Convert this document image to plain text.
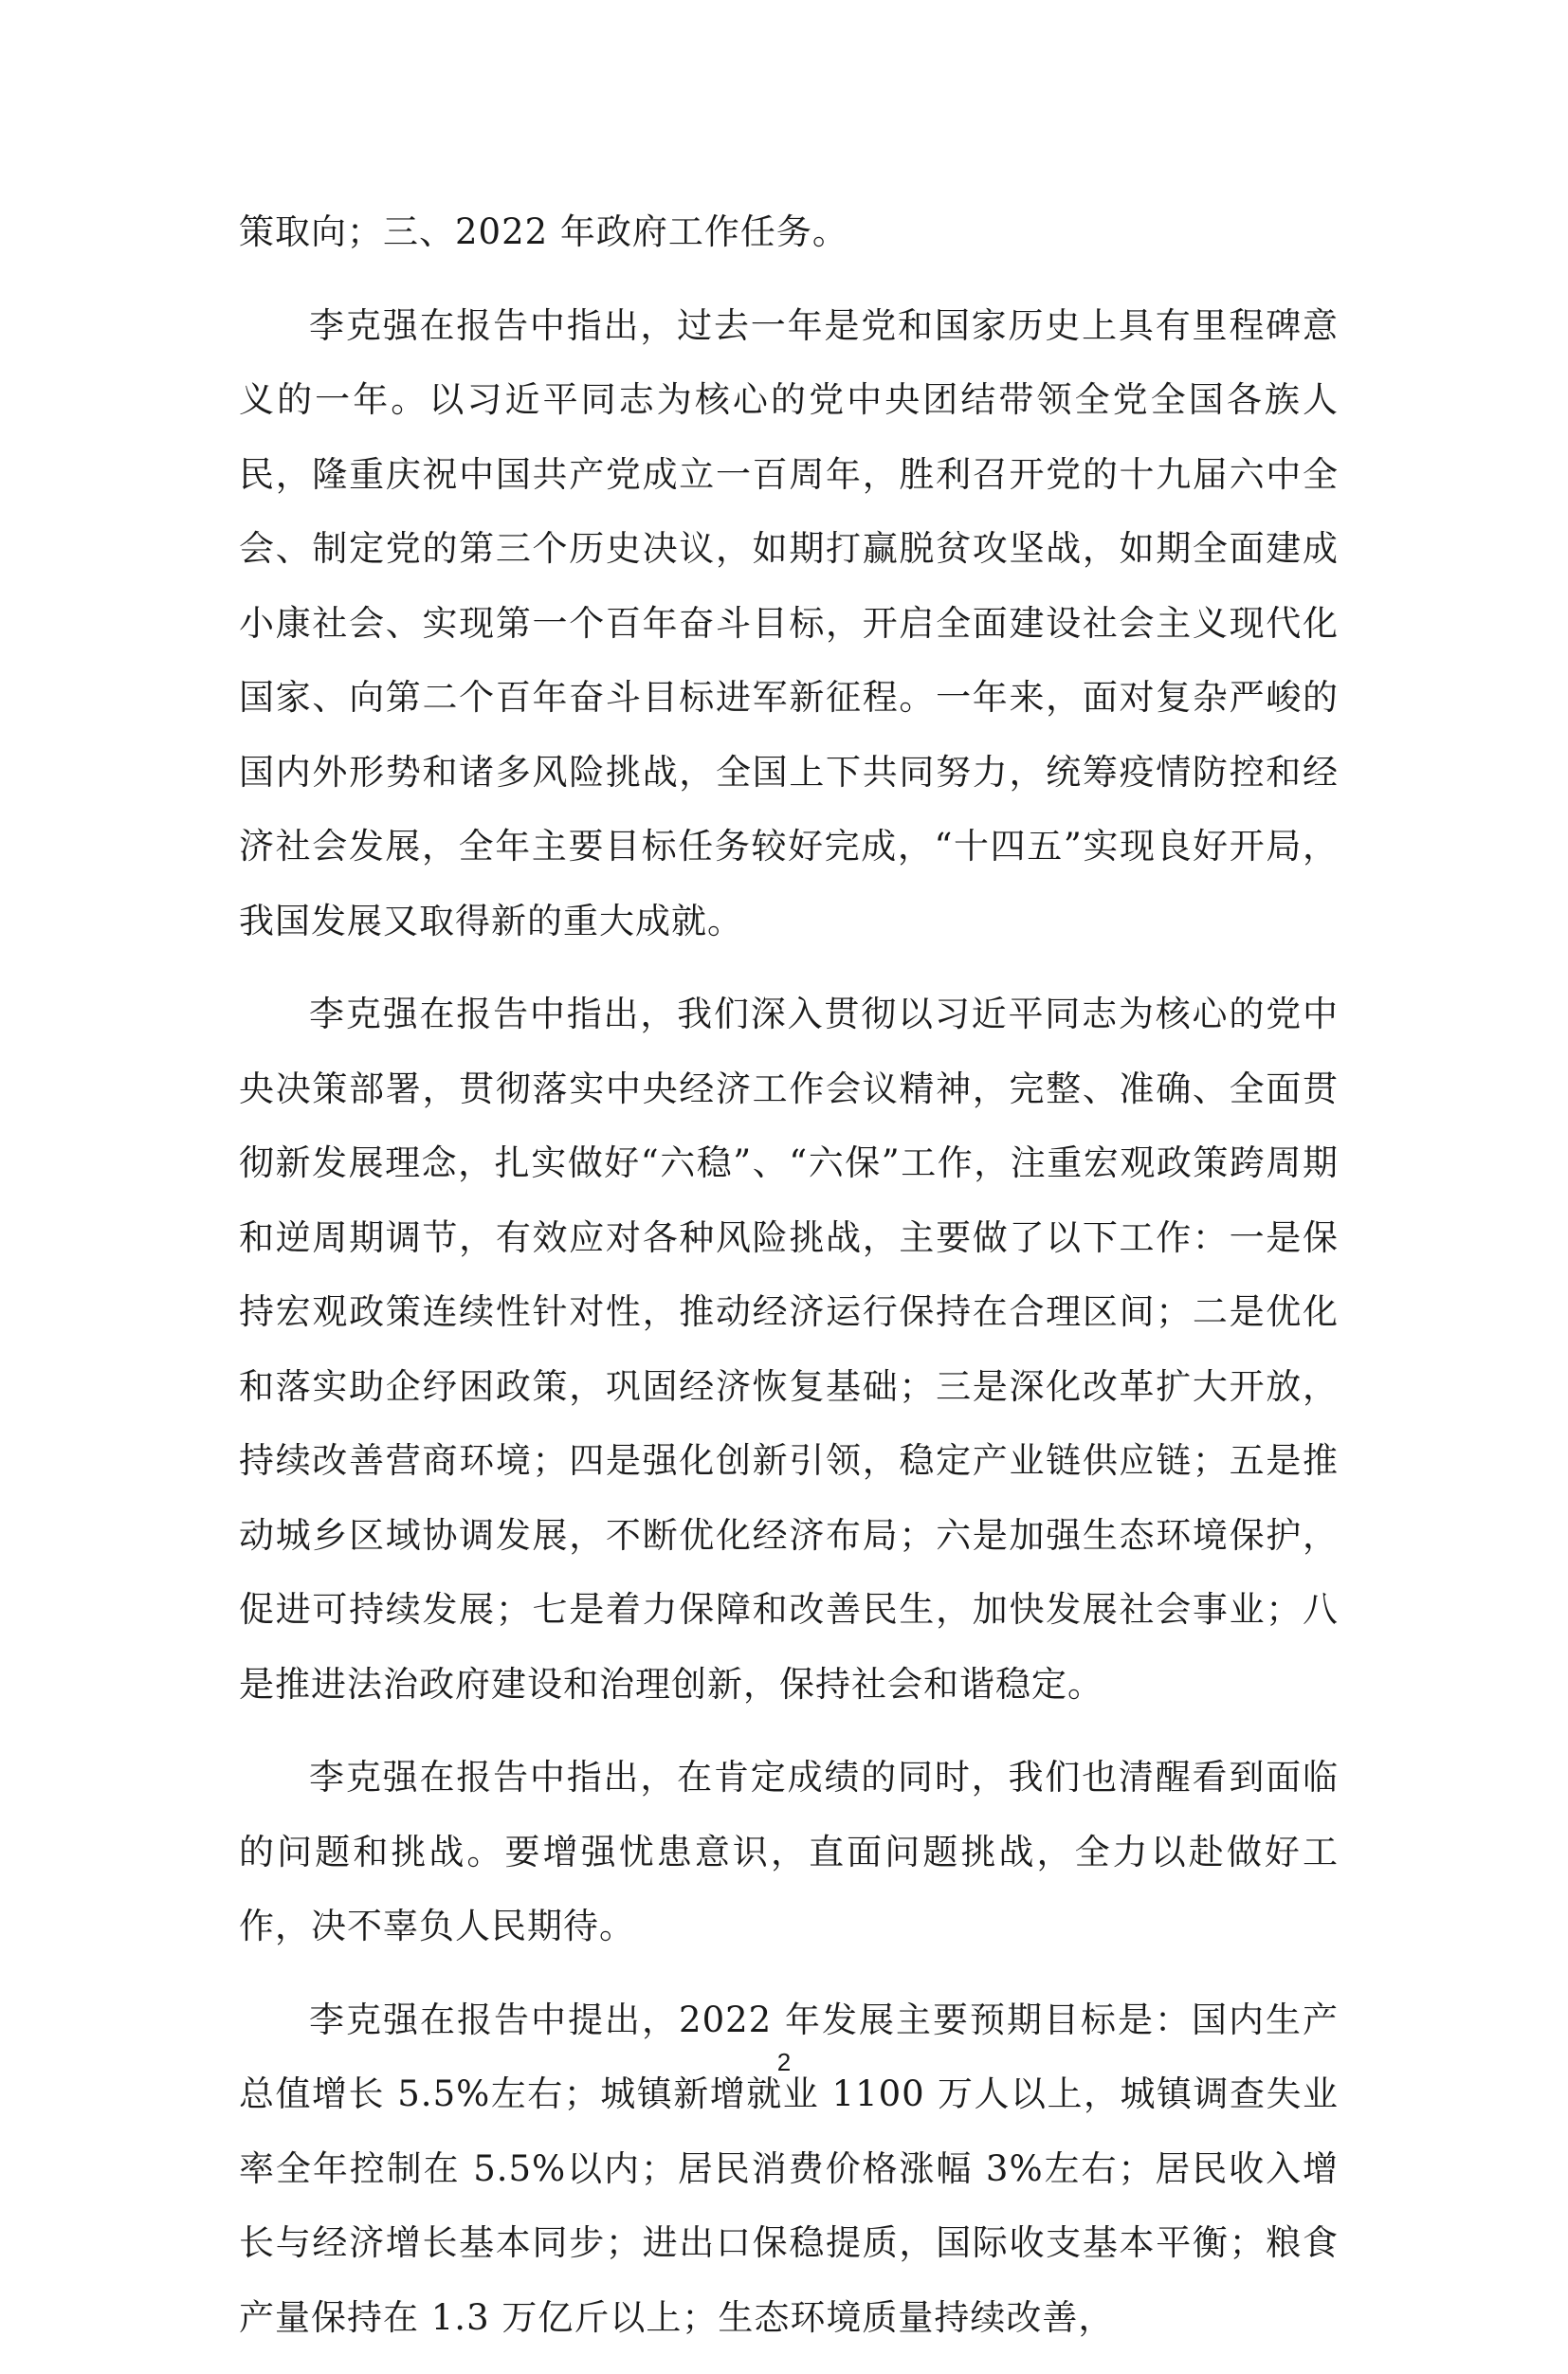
策取向；三、2022 年政府工作任务。

李克强在报告中指出，过去一年是党和国家历史上具有里程碑意义的一年。以习近平同志为核心的党中央团结带领全党全国各族人民，隆重庆祝中国共产党成立一百周年，胜利召开党的十九届六中全会、制定党的第三个历史决议，如期打赢脱贫攻坚战，如期全面建成小康社会、实现第一个百年奋斗目标，开启全面建设社会主义现代化国家、向第二个百年奋斗目标进军新征程。一年来，面对复杂严峻的国内外形势和诸多风险挑战，全国上下共同努力，统筹疫情防控和经济社会发展，全年主要目标任务较好完成，“十四五”实现良好开局，我国发展又取得新的重大成就。

李克强在报告中指出，我们深入贯彻以习近平同志为核心的党中央决策部署，贯彻落实中央经济工作会议精神，完整、准确、全面贯彻新发展理念，扎实做好“六稳”、“六保”工作，注重宏观政策跨周期和逆周期调节，有效应对各种风险挑战，主要做了以下工作：一是保持宏观政策连续性针对性，推动经济运行保持在合理区间；二是优化和落实助企纾困政策，巩固经济恢复基础；三是深化改革扩大开放，持续改善营商环境；四是强化创新引领，稳定产业链供应链；五是推动城乡区域协调发展，不断优化经济布局；六是加强生态环境保护，促进可持续发展；七是着力保障和改善民生，加快发展社会事业；八是推进法治政府建设和治理创新，保持社会和谐稳定。

李克强在报告中指出，在肯定成绩的同时，我们也清醒看到面临的问题和挑战。要增强忧患意识，直面问题挑战，全力以赴做好工作，决不辜负人民期待。

李克强在报告中提出，2022 年发展主要预期目标是：国内生产总值增长 5.5%左右；城镇新增就业 1100 万人以上，城镇调查失业率全年控制在 5.5%以内；居民消费价格涨幅 3%左右；居民收入增长与经济增长基本同步；进出口保稳提质，国际收支基本平衡；粮食产量保持在 1.3 万亿斤以上；生态环境质量持续改善，

2
